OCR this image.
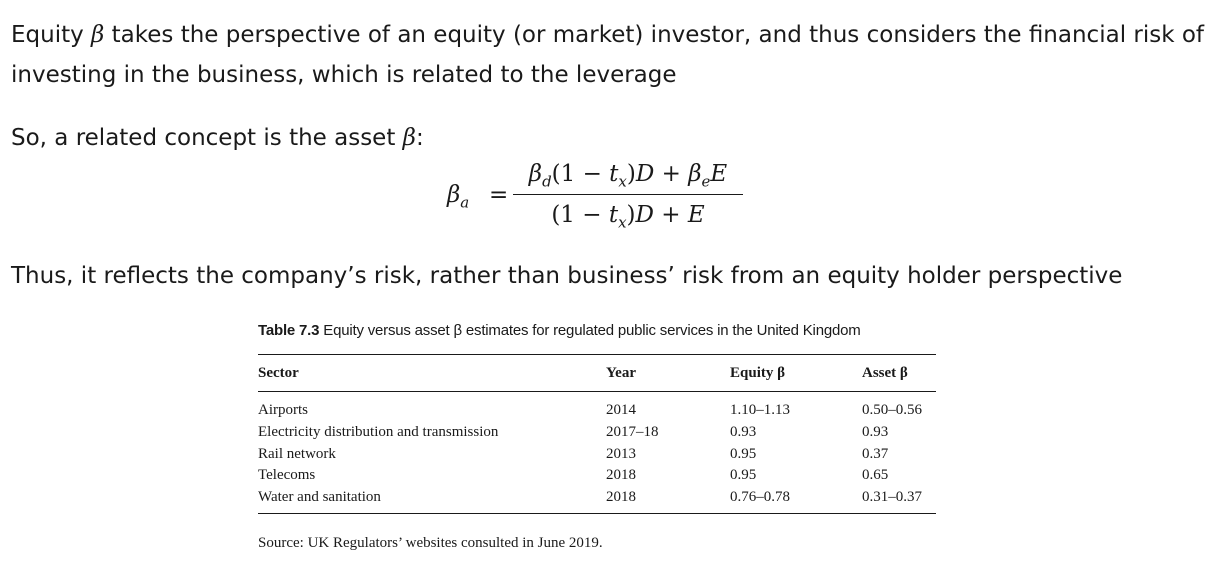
Equity β takes the perspective of an equity (or market) investor, and thus considers the financial risk of

investing in the business, which is related to the leverage

So, a related concept is the asset β:

$\beta_a$ =
$\beta_d(1 - t_x)D + \beta_eE$
$(1 - t_x)D + E$

Thus, it reflects the company’s risk, rather than business’ risk from an equity holder perspective

Table 7.3 Equity versus asset β estimates for regulated public services in the United Kingdom
Sector	Year	Equity β	Asset β
Airports	2014	1.10–1.13	0.50–0.56
Electricity distribution and transmission	2017–18	0.93	0.93
Rail network	2013	0.95	0.37
Telecoms	2018	0.95	0.65
Water and sanitation	2018	0.76–0.78	0.31–0.37
Source: UK Regulators’ websites consulted in June 2019.
